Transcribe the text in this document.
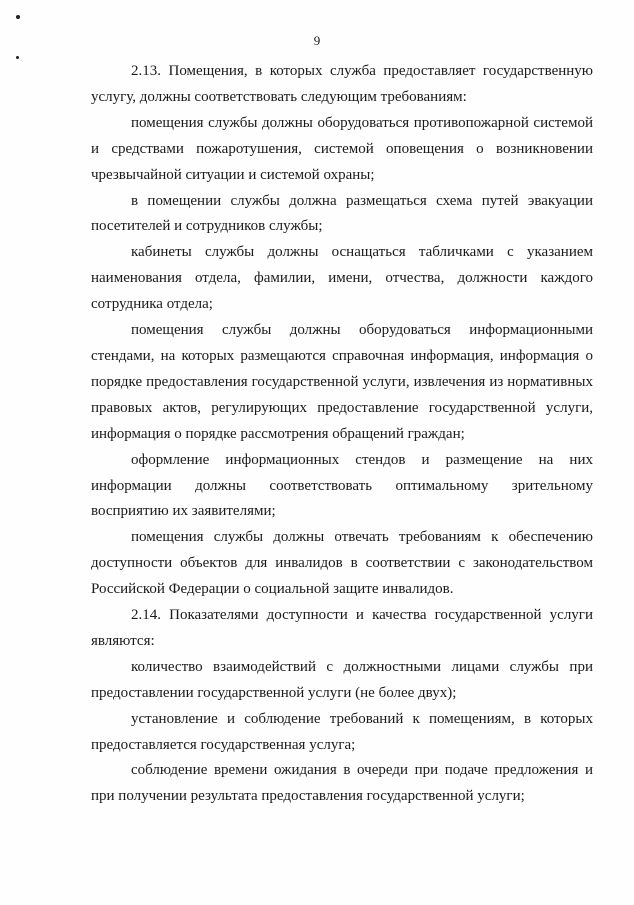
9

2.13. Помещения, в которых служба предоставляет государственную услугу, должны соответствовать следующим требованиям:

помещения службы должны оборудоваться противопожарной системой и средствами пожаротушения, системой оповещения о возникновении чрезвычайной ситуации и системой охраны;

в помещении службы должна размещаться схема путей эвакуации посетителей и сотрудников службы;

кабинеты службы должны оснащаться табличками с указанием наименования отдела, фамилии, имени, отчества, должности каждого сотрудника отдела;

помещения службы должны оборудоваться информационными стендами, на которых размещаются справочная информация, информация о порядке предоставления государственной услуги, извлечения из нормативных правовых актов, регулирующих предоставление государственной услуги, информация о порядке рассмотрения обращений граждан;

оформление информационных стендов и размещение на них информации должны соответствовать оптимальному зрительному восприятию их заявителями;

помещения службы должны отвечать требованиям к обеспечению доступности объектов для инвалидов в соответствии с законодательством Российской Федерации о социальной защите инвалидов.

2.14. Показателями доступности и качества государственной услуги являются:

количество взаимодействий с должностными лицами службы при предоставлении государственной услуги (не более двух);

установление и соблюдение требований к помещениям, в которых предоставляется государственная услуга;

соблюдение времени ожидания в очереди при подаче предложения и при получении результата предоставления государственной услуги;
